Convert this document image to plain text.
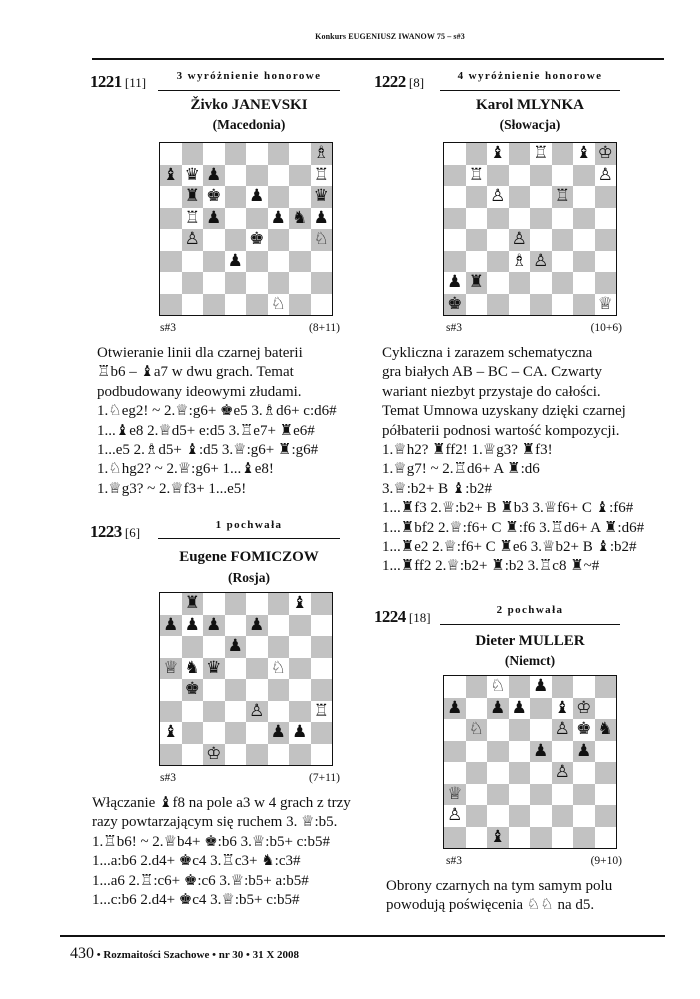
Konkurs EUGENIUSZ IWANOW 75 – s#3
1221 [11]	3 wyróżnienie honorowe
Živko JANEVSKI
(Macedonia)
♗
♝ ♛ ♟	♖
♜ ♚ ♟	♛
♖ ♟	♟ ♞ ♟
♙	♚	♘
♟
♘
s#3	(8+11)
Otwieranie linii dla czarnej baterii
♖b6 – ♝a7 w dwu grach. Temat
podbudowany ideowymi złudami.
1.♘eg2! ~ 2.♕:g6+ ♚e5 3.♗d6+ c:d6#
1...♝e8 2.♕d5+ e:d5 3.♖e7+ ♜e6#
1...e5 2.♗d5+ ♝:d5 3.♕:g6+ ♜:g6#
1.♘hg2? ~ 2.♕:g6+ 1...♝e8!
1.♕g3? ~ 2.♕f3+ 1...e5!
1223 [6]	1 pochwała
Eugene FOMICZOW
(Rosja)
♜	♝
♟ ♟ ♟ ♟
♟
♕ ♞ ♛	♘
♚
♙	♖
♝	♟ ♟
♔
s#3	(7+11)
Włączanie ♝f8 na pole a3 w 4 grach z trzy
razy powtarzającym się ruchem 3. ♕:b5.
1.♖b6! ~ 2.♕b4+ ♚:b6 3.♕:b5+ c:b5#
1...a:b6 2.d4+ ♚c4 3.♖c3+ ♞:c3#
1...a6 2.♖:c6+ ♚:c6 3.♕:b5+ a:b5#
1...c:b6 2.d4+ ♚c4 3.♕:b5+ c:b5#
1222 [8]	4 wyróżnienie honorowe
Karol MLYNKA
(Słowacja)
♝ ♖ ♝ ♔
♖	♙
♙	♖
♙
♗ ♙
♟ ♜
♚	♕
s#3	(10+6)
Cykliczna i zarazem schematyczna
gra białych AB – BC – CA. Czwarty
wariant niezbyt przystaje do całości.
Temat Umnowa uzyskany dzięki czarnej
półbaterii podnosi wartość kompozycji.
1.♕h2? ♜ff2! 1.♕g3? ♜f3!
1.♕g7! ~ 2.♖d6+ A ♜:d6
3.♕:b2+ B ♝:b2#
1...♜f3 2.♕:b2+ B ♜b3 3.♕f6+ C ♝:f6#
1...♜bf2 2.♕:f6+ C ♜:f6 3.♖d6+ A ♜:d6#
1...♜e2 2.♕:f6+ C ♜e6 3.♕b2+ B ♝:b2#
1...♜ff2 2.♕:b2+ ♜:b2 3.♖c8 ♜~#
1224 [18]	2 pochwała
Dieter MULLER
(Niemct)
♘ ♟
♟ ♟ ♟ ♝ ♔
♘	♙ ♚ ♞
♟ ♟
♙
♕
♙
♝
s#3	(9+10)
Obrony czarnych na tym samym polu
powodują poświęcenia ♘♘ na d5.
430 • Rozmaitości Szachowe • nr 30 • 31 X 2008
